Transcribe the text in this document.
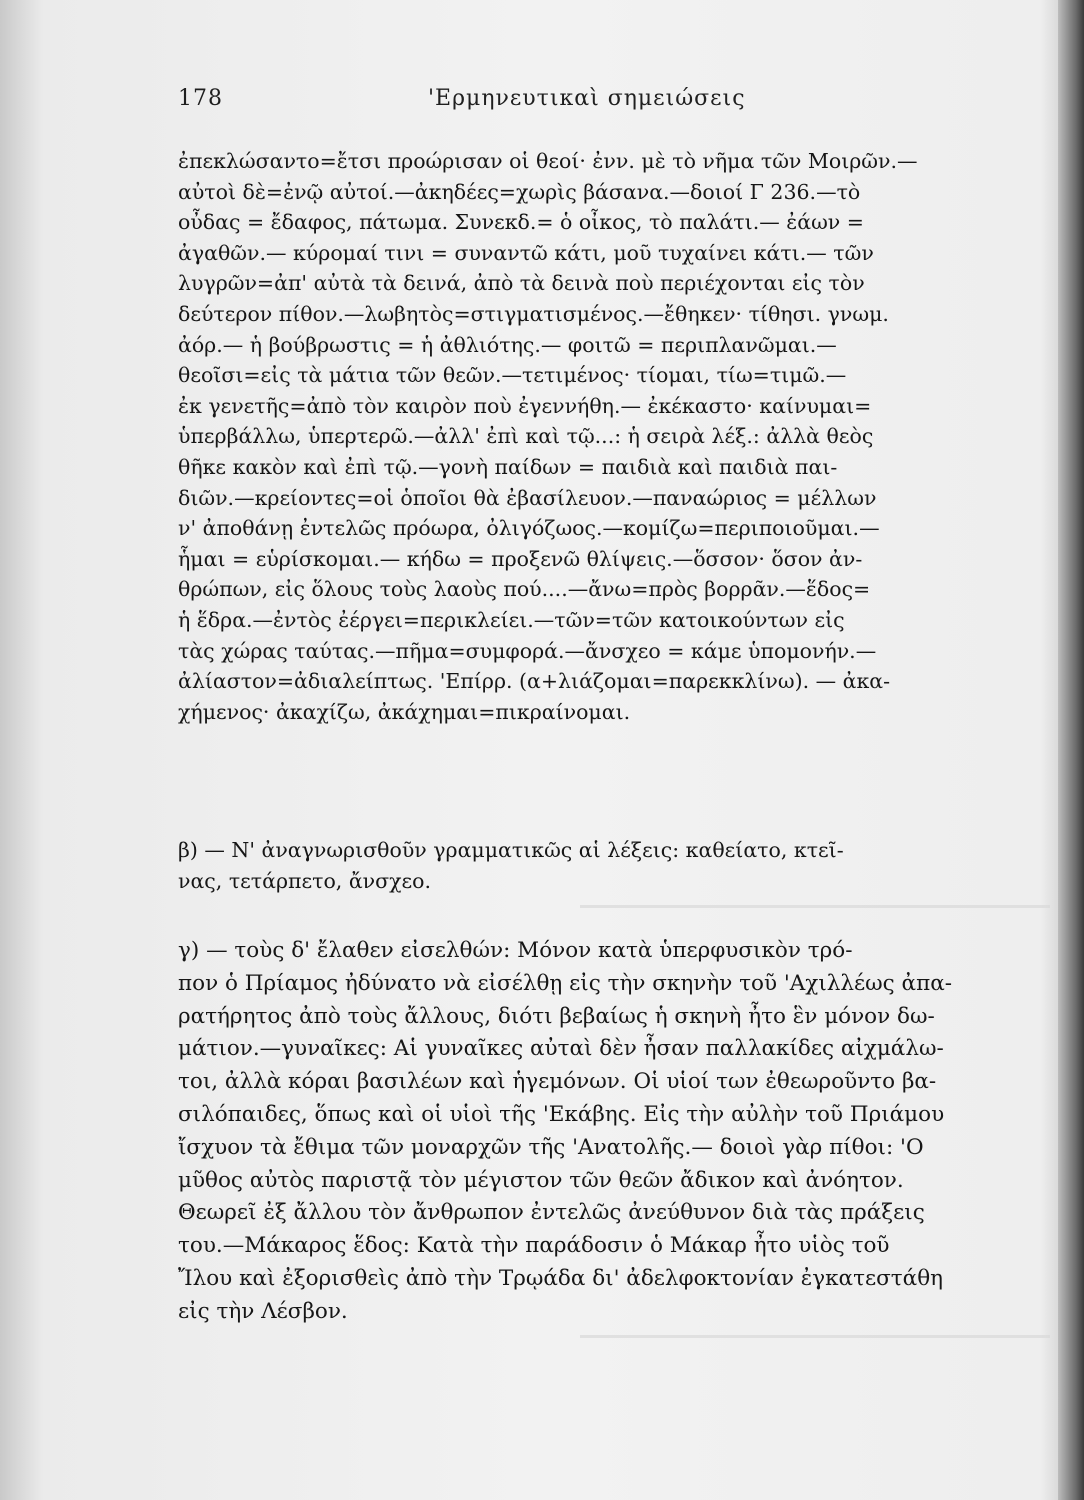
178	'Ερμηνευτικαὶ σημειώσεις
ἐπεκλώσαντο=ἔτσι προώρισαν οἱ θεοί· ἐνν. μὲ τὸ νῆμα τῶν Μοιρῶν.—
αὐτοὶ δὲ=ἐνῷ αὐτοί.—ἀκηδέες=χωρὶς βάσανα.—δοιοί Γ 236.—τὸ
οὖδας = ἔδαφος, πάτωμα. Συνεκδ.= ὁ οἶκος, τὸ παλάτι.— ἐάων =
ἀγαθῶν.— κύρομαί τινι = συναντῶ κάτι, μοῦ τυχαίνει κάτι.— τῶν
λυγρῶν=ἀπ' αὐτὰ τὰ δεινά, ἀπὸ τὰ δεινὰ ποὺ περιέχονται εἰς τὸν
δεύτερον πίθον.—λωβητὸς=στιγματισμένος.—ἔθηκεν· τίθησι. γνωμ.
ἀόρ.— ἡ βούβρωστις = ἡ ἀθλιότης.— φοιτῶ = περιπλανῶμαι.—
θεοῖσι=εἰς τὰ μάτια τῶν θεῶν.—τετιμένος· τίομαι, τίω=τιμῶ.—
ἐκ γενετῆς=ἀπὸ τὸν καιρὸν ποὺ ἐγεννήθη.— ἐκέκαστο· καίνυμαι=
ὑπερβάλλω, ὑπερτερῶ.—ἀλλ' ἐπὶ καὶ τῷ...: ἡ σειρὰ λέξ.: ἀλλὰ θεὸς
θῆκε κακὸν καὶ ἐπὶ τῷ.—γονὴ παίδων = παιδιὰ καὶ παιδιὰ παι-
διῶν.—κρείοντες=οἱ ὁποῖοι θὰ ἐβασίλευον.—παναώριος = μέλλων
ν' ἀποθάνῃ ἐντελῶς πρόωρα, ὀλιγόζωος.—κομίζω=περιποιοῦμαι.—
ἧμαι = εὑρίσκομαι.— κήδω = προξενῶ θλίψεις.—ὅσσον· ὅσον ἀν-
θρώπων, εἰς ὅλους τοὺς λαοὺς πού....—ἄνω=πρὸς βορρᾶν.—ἕδος=
ἡ ἕδρα.—ἐντὸς ἐέργει=περικλείει.—τῶν=τῶν κατοικούντων εἰς
τὰς χώρας ταύτας.—πῆμα=συμφορά.—ἄνσχεο = κάμε ὑπομονήν.—
ἀλίαστον=ἀδιαλείπτως. 'Επίρρ. (α+λιάζομαι=παρεκκλίνω). — ἀκα-
χήμενος· ἀκαχίζω, ἀκάχημαι=πικραίνομαι.
β) — Ν' ἀναγνωρισθοῦν γραμματικῶς αἱ λέξεις: καθείατο, κτεῖ-
νας, τετάρπετο, ἄνσχεο.
γ) — τοὺς δ' ἔλαθεν εἰσελθών: Μόνον κατὰ ὑπερφυσικὸν τρό-
πον ὁ Πρίαμος ἠδύνατο νὰ εἰσέλθῃ εἰς τὴν σκηνὴν τοῦ 'Αχιλλέως ἀπα-
ρατήρητος ἀπὸ τοὺς ἄλλους, διότι βεβαίως ἡ σκηνὴ ἦτο ἓν μόνον δω-
μάτιον.—γυναῖκες: Αἱ γυναῖκες αὐταὶ δὲν ἦσαν παλλακίδες αἰχμάλω-
τοι, ἀλλὰ κόραι βασιλέων καὶ ἡγεμόνων. Οἱ υἱοί των ἐθεωροῦντο βα-
σιλόπαιδες, ὅπως καὶ οἱ υἱοὶ τῆς 'Εκάβης. Εἰς τὴν αὐλὴν τοῦ Πριάμου
ἴσχυον τὰ ἔθιμα τῶν μοναρχῶν τῆς 'Ανατολῆς.— δοιοὶ γὰρ πίθοι: 'Ο
μῦθος αὐτὸς παριστᾷ τὸν μέγιστον τῶν θεῶν ἄδικον καὶ ἀνόητον.
Θεωρεῖ ἐξ ἄλλου τὸν ἄνθρωπον ἐντελῶς ἀνεύθυνον διὰ τὰς πράξεις
του.—Μάκαρος ἕδος: Κατὰ τὴν παράδοσιν ὁ Μάκαρ ἦτο υἱὸς τοῦ
Ἴλου καὶ ἐξορισθεὶς ἀπὸ τὴν Τρῳάδα δι' ἀδελφοκτονίαν ἐγκατεστάθη
εἰς τὴν Λέσβον.
